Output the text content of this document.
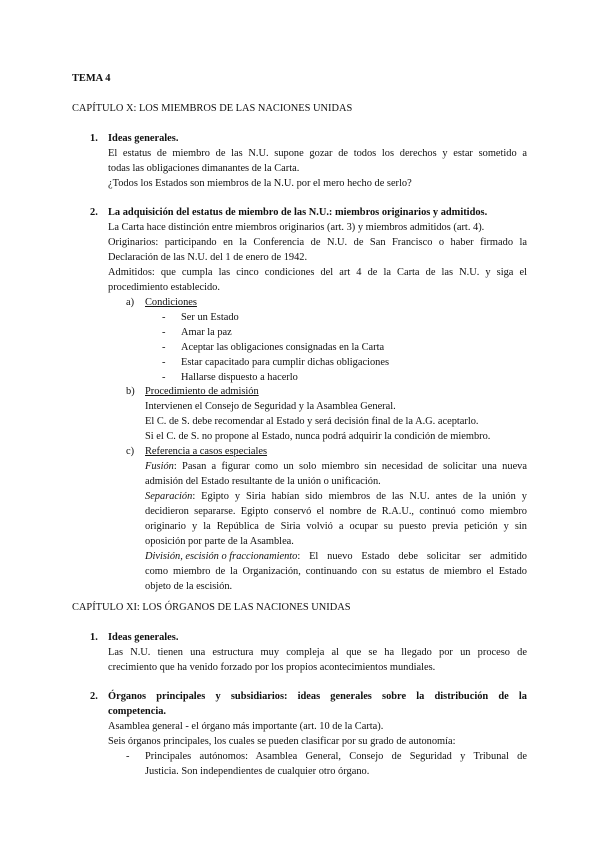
TEMA 4
CAPÍTULO X: LOS MIEMBROS DE LAS NACIONES UNIDAS
1. Ideas generales.
El estatus de miembro de las N.U. supone gozar de todos los derechos y estar sometido a
todas las obligaciones dimanantes de la Carta.
¿Todos los Estados son miembros de la N.U. por el mero hecho de serlo?
2. La adquisición del estatus de miembro de las N.U.: miembros originarios y admitidos.
La Carta hace distinción entre miembros originarios (art. 3) y miembros admitidos (art. 4).
Originarios: participando en la Conferencia de N.U. de San Francisco o haber firmado la
Declaración de las N.U. del 1 de enero de 1942.
Admitidos: que cumpla las cinco condiciones del art 4 de la Carta de las N.U. y siga el
procedimiento establecido.
a)	Condiciones
-	Ser un Estado
-	Amar la paz
-	Aceptar las obligaciones consignadas en la Carta
-	Estar capacitado para cumplir dichas obligaciones
-	Hallarse dispuesto a hacerlo
b) Procedimiento de admisión
Intervienen el Consejo de Seguridad y la Asamblea General.
El C. de S. debe recomendar al Estado y será decisión final de la A.G. aceptarlo.
Si el C. de S. no propone al Estado, nunca podrá adquirir la condición de miembro.
c)	Referencia a casos especiales
Fusión : Pasan a figurar como un solo miembro sin necesidad de solicitar una nueva
admisión del Estado resultante de la unión o unificación.
Separación : Egipto y Siria habían sido miembros de las N.U. antes de la unión y
decidieron separarse. Egipto conservó el nombre de R.A.U., continuó como miembro
originario y la República de Siria volvió a ocupar su puesto previa petición y sin
oposición por parte de la Asamblea.
División, escisión o fraccionamiento : El nuevo Estado debe solicitar ser admitido
como miembro de la Organización, continuando con su estatus de miembro el Estado
objeto de la escisión.
CAPÍTULO XI: LOS ÓRGANOS DE LAS NACIONES UNIDAS
1. Ideas generales.
Las N.U. tienen una estructura muy compleja al que se ha llegado por un proceso de
crecimiento que ha venido forzado por los propios acontecimientos mundiales.
2. Órganos principales y subsidiarios: ideas generales sobre la distribución de la
competencia.
Asamblea general - el órgano más importante (art. 10 de la Carta).
Seis órganos principales, los cuales se pueden clasificar por su grado de autonomía:
-	Principales autónomos: Asamblea General, Consejo de Seguridad y Tribunal de
Justicia. Son independientes de cualquier otro órgano.
